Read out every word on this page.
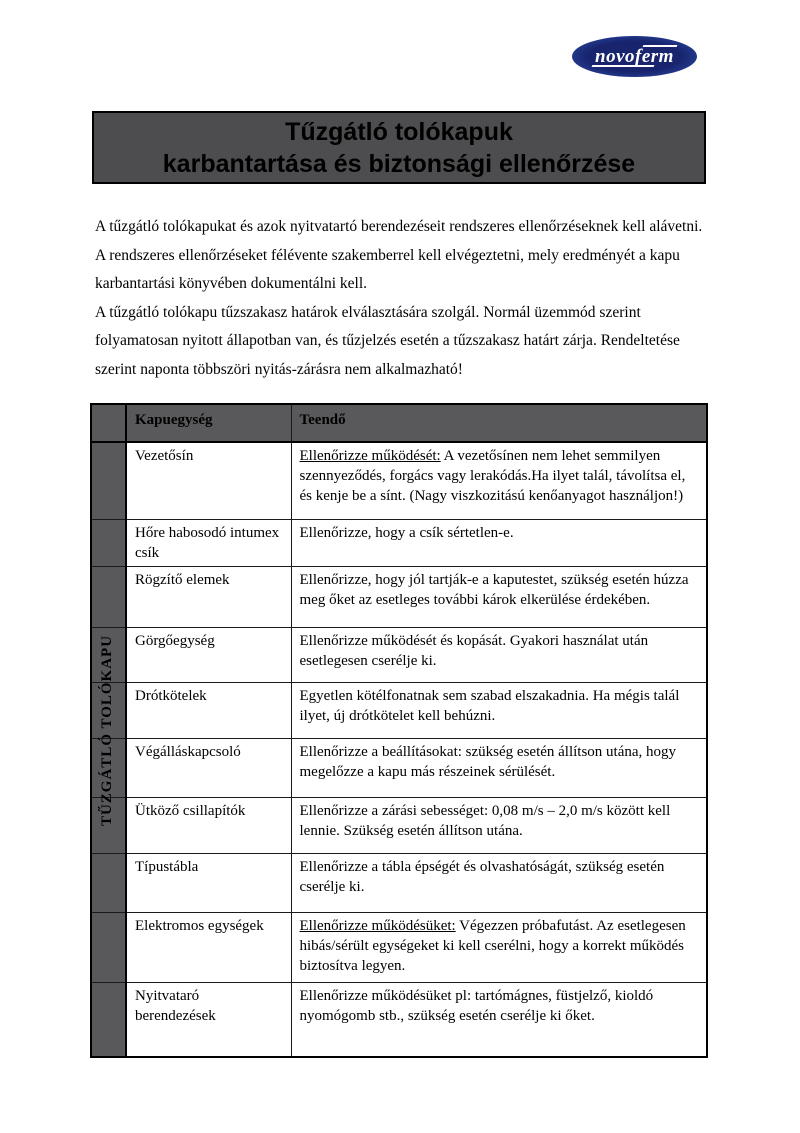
novoferm
Tűzgátló tolókapuk
karbantartása és biztonsági ellenőrzése

A tűzgátló tolókapukat és azok nyitvatartó berendezéseit rendszeres ellenőrzéseknek kell alávetni. A rendszeres ellenőrzéseket félévente szakemberrel kell elvégeztetni, mely eredményét a kapu karbantartási könyvében dokumentálni kell.

A tűzgátló tolókapu tűzszakasz határok elválasztására szolgál. Normál üzemmód szerint folyamatosan nyitott állapotban van, és tűzjelzés esetén a tűzszakasz határt zárja. Rendeltetése szerint naponta többszöri nyitás-zárásra nem alkalmazható!

	Kapuegység	Teendő
	Vezetősín	Ellenőrizze működését: A vezetősínen nem lehet semmilyen szennyeződés, forgács vagy lerakódás.Ha ilyet talál, távolítsa el, és kenje be a sínt. (Nagy viszkozitású kenőanyagot használjon!)
	Hőre habosodó intumex csík	Ellenőrizze, hogy a csík sértetlen-e.
	Rögzítő elemek	Ellenőrizze, hogy jól tartják-e a kaputestet, szükség esetén húzza meg őket az esetleges további károk elkerülése érdekében.
	Görgőegység	Ellenőrizze működését és kopását. Gyakori használat után esetlegesen cserélje ki.
	Drótkötelek	Egyetlen kötélfonatnak sem szabad elszakadnia. Ha mégis talál ilyet, új drótkötelet kell behúzni.
	Végálláskapcsoló	Ellenőrizze a beállításokat: szükség esetén állítson utána, hogy megelőzze a kapu más részeinek sérülését.
	Ütköző csillapítók	Ellenőrizze a zárási sebességet: 0,08 m/s – 2,0 m/s között kell lennie. Szükség esetén állítson utána.
	Típustábla	Ellenőrizze a tábla épségét és olvashatóságát, szükség esetén cserélje ki.
	Elektromos egységek	Ellenőrizze működésüket: Végezzen próbafutást. Az esetlegesen hibás/sérült egységeket ki kell cserélni, hogy a korrekt működés biztosítva legyen.
	Nyitvataró berendezések	Ellenőrizze működésüket pl: tartómágnes, füstjelző, kioldó nyomógomb stb., szükség esetén cserélje ki őket.
TŰZGÁTLÓ TOLÓKAPU
